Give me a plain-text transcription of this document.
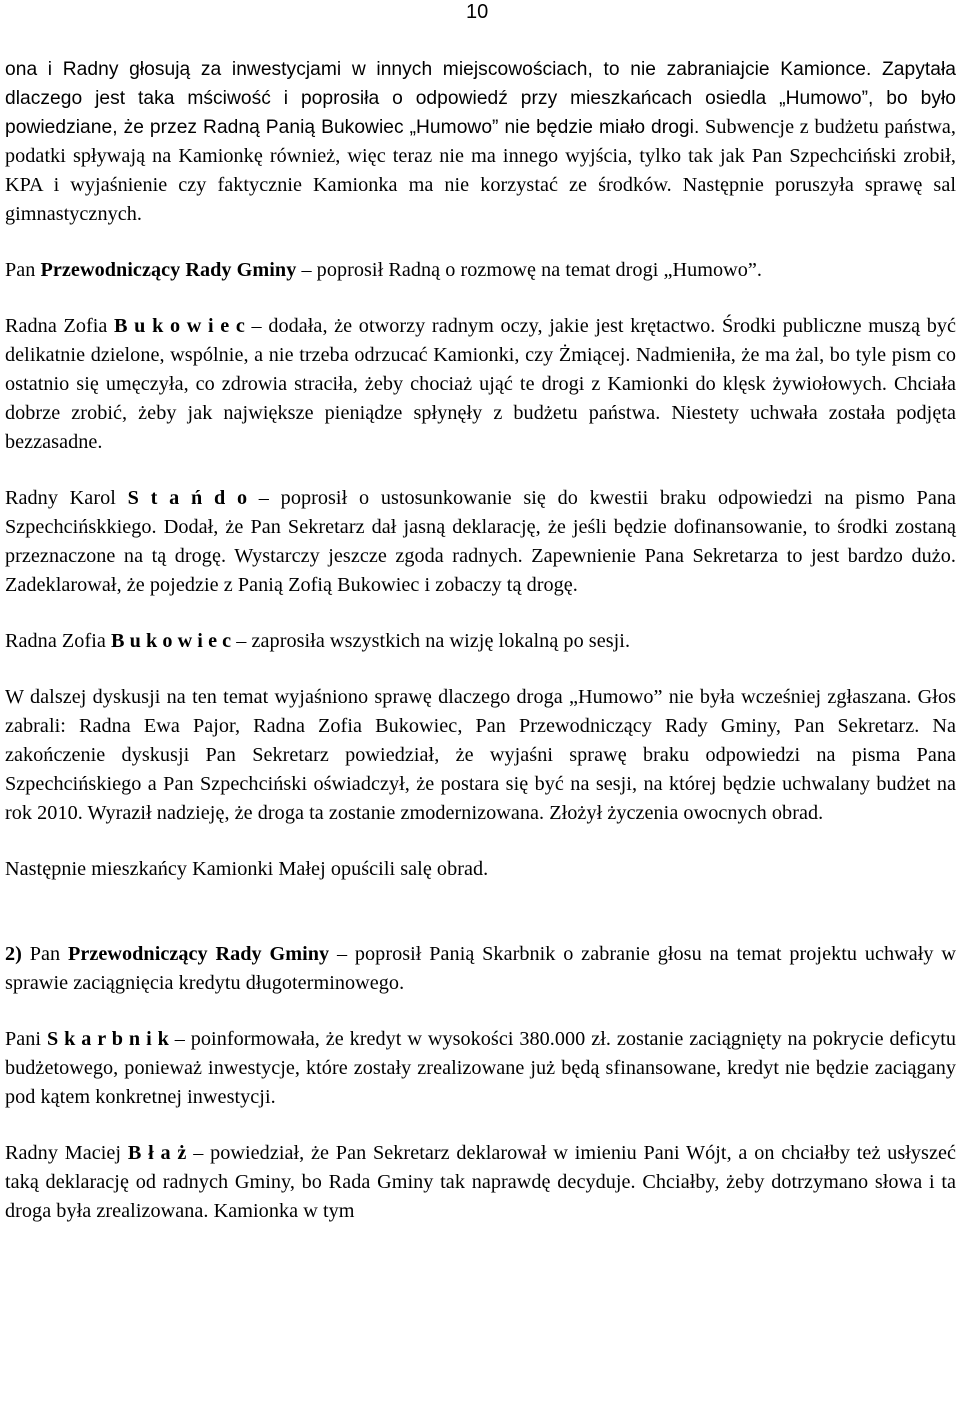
10

ona i Radny głosują za inwestycjami w innych miejscowościach, to nie zabraniajcie Kamionce. Zapytała dlaczego jest taka mściwość i poprosiła o odpowiedź przy mieszkańcach osiedla „Humowo”, bo było powiedziane, że przez Radną Panią Bukowiec „Humowo” nie będzie miało drogi. Subwencje z budżetu państwa, podatki spływają na Kamionkę również, więc teraz nie ma innego wyjścia, tylko tak jak Pan Szpechciński zrobił, KPA i wyjaśnienie czy faktycznie Kamionka ma nie korzystać ze środków. Następnie poruszyła sprawę sal gimnastycznych.

Pan Przewodniczący Rady Gminy – poprosił Radną o rozmowę na temat drogi „Humowo”.

Radna Zofia B u k o w i e c – dodała, że otworzy radnym oczy, jakie jest krętactwo. Środki publiczne muszą być delikatnie dzielone, wspólnie, a nie trzeba odrzucać Kamionki, czy Żmiącej. Nadmieniła, że ma żal, bo tyle pism co ostatnio się umęczyła, co zdrowia straciła, żeby chociaż ująć te drogi z Kamionki do klęsk żywiołowych. Chciała dobrze zrobić, żeby jak największe pieniądze spłynęły z budżetu państwa. Niestety uchwała została podjęta bezzasadne.

Radny Karol S t a ń d o – poprosił o ustosunkowanie się do kwestii braku odpowiedzi na pismo Pana Szpechcińskkiego. Dodał, że Pan Sekretarz dał jasną deklarację, że jeśli będzie dofinansowanie, to środki zostaną przeznaczone na tą drogę. Wystarczy jeszcze zgoda radnych. Zapewnienie Pana Sekretarza to jest bardzo dużo. Zadeklarował, że pojedzie z Panią Zofią Bukowiec i zobaczy tą drogę.

Radna Zofia B u k o w i e c – zaprosiła wszystkich na wizję lokalną po sesji.

W dalszej dyskusji na ten temat wyjaśniono sprawę dlaczego droga „Humowo” nie była wcześniej zgłaszana. Głos zabrali: Radna Ewa Pajor, Radna Zofia Bukowiec, Pan Przewodniczący Rady Gminy, Pan Sekretarz. Na zakończenie dyskusji Pan Sekretarz powiedział, że wyjaśni sprawę braku odpowiedzi na pisma Pana Szpechcińskiego a Pan Szpechciński oświadczył, że postara się być na sesji, na której będzie uchwalany budżet na rok 2010. Wyraził nadzieję, że droga ta zostanie zmodernizowana. Złożył życzenia owocnych obrad.

Następnie mieszkańcy Kamionki Małej opuścili salę obrad.

2) Pan Przewodniczący Rady Gminy – poprosił Panią Skarbnik o zabranie głosu na temat projektu uchwały w sprawie zaciągnięcia kredytu długoterminowego.

Pani S k a r b n i k – poinformowała, że kredyt w wysokości 380.000 zł. zostanie zaciągnięty na pokrycie deficytu budżetowego, ponieważ inwestycje, które zostały zrealizowane już będą sfinansowane, kredyt nie będzie zaciągany pod kątem konkretnej inwestycji.

Radny Maciej B ł a ż – powiedział, że Pan Sekretarz deklarował w imieniu Pani Wójt, a on chciałby też usłyszeć taką deklarację od radnych Gminy, bo Rada Gminy tak naprawdę decyduje. Chciałby, żeby dotrzymano słowa i ta droga była zrealizowana. Kamionka w tym
